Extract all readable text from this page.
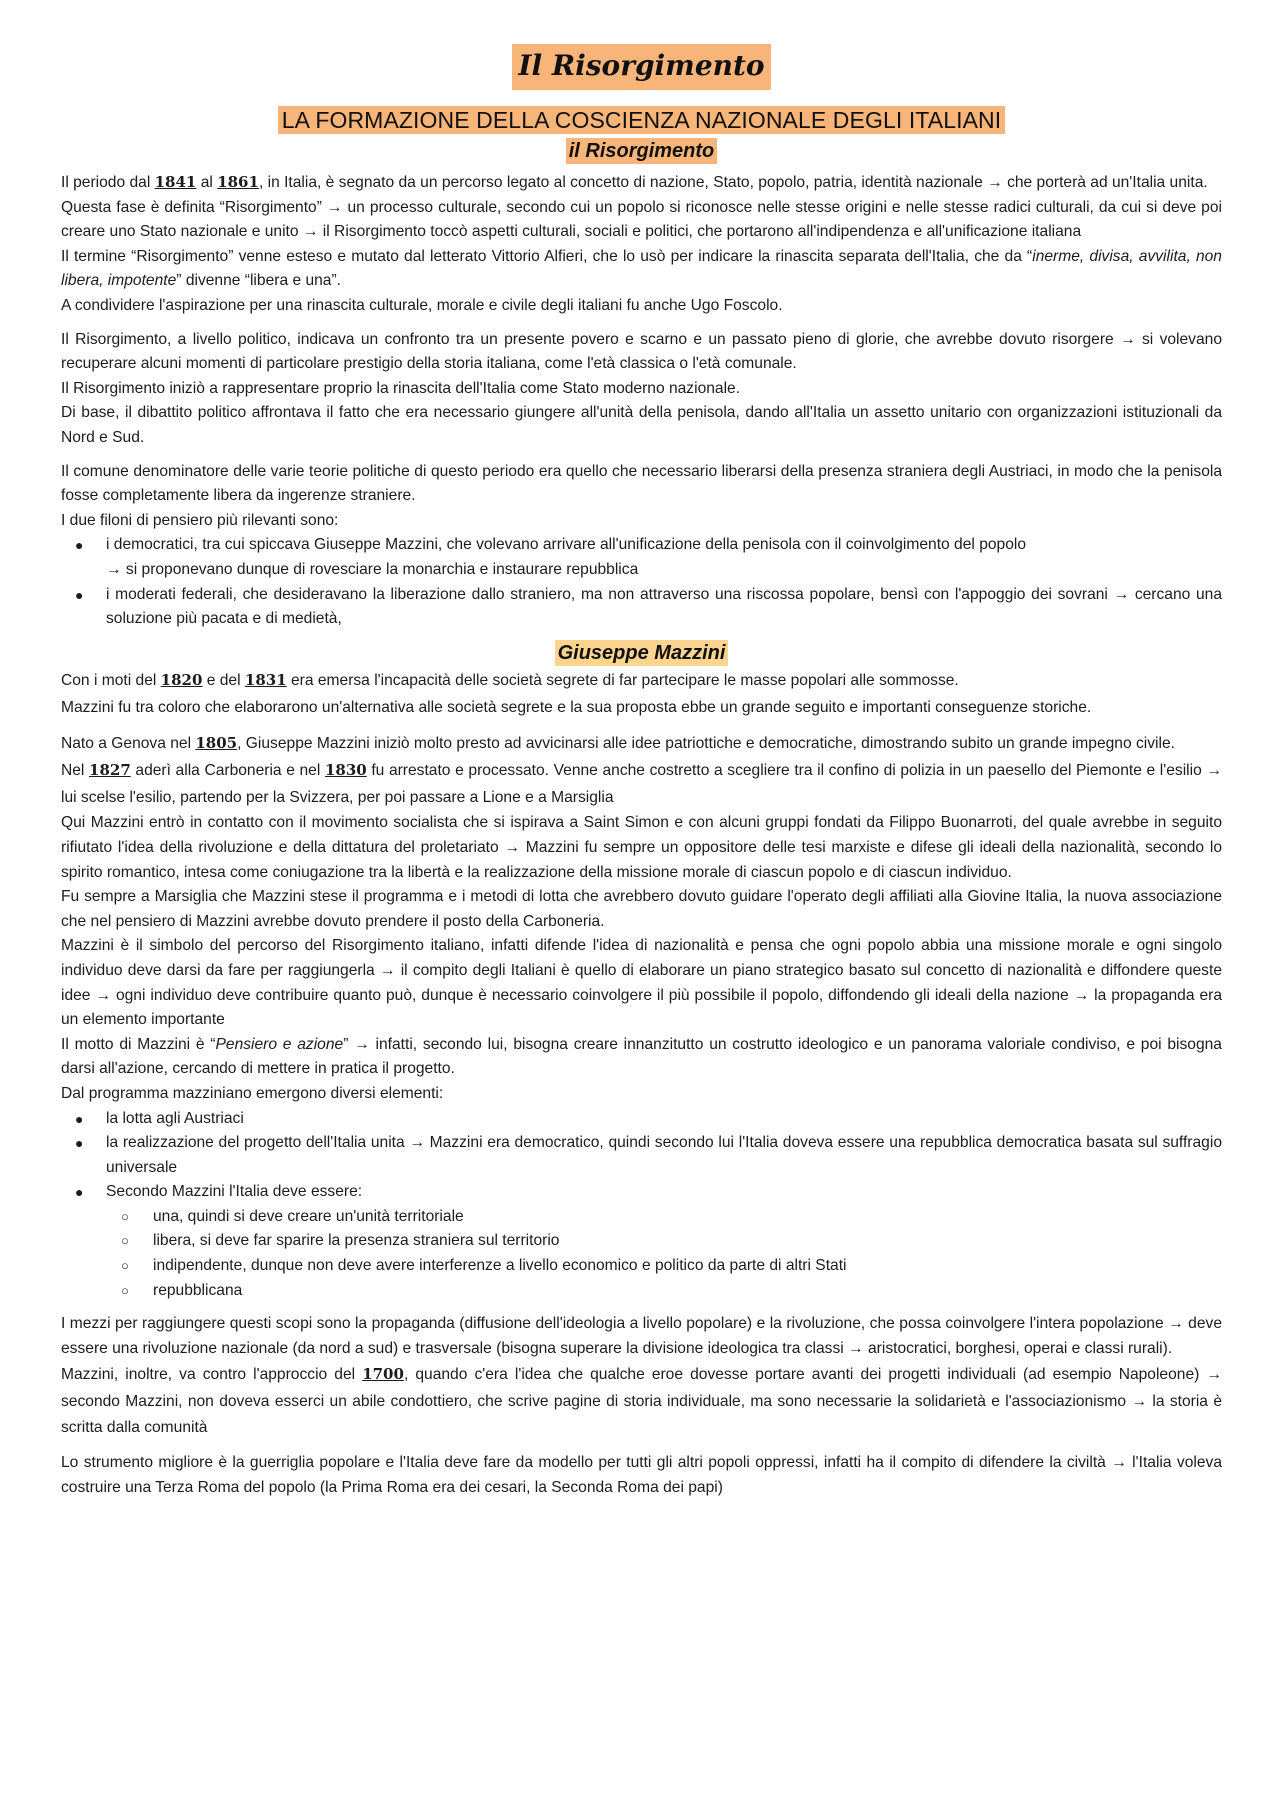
Il Risorgimento
LA FORMAZIONE DELLA COSCIENZA NAZIONALE DEGLI ITALIANI
il Risorgimento

Il periodo dal 1841 al 1861, in Italia, è segnato da un percorso legato al concetto di nazione, Stato, popolo, patria, identità nazionale → che porterà ad un'Italia unita.

Questa fase è definita “Risorgimento” → un processo culturale, secondo cui un popolo si riconosce nelle stesse origini e nelle stesse radici culturali, da cui si deve poi creare uno Stato nazionale e unito → il Risorgimento toccò aspetti culturali, sociali e politici, che portarono all'indipendenza e all'unificazione italiana

Il termine “Risorgimento” venne esteso e mutato dal letterato Vittorio Alfieri, che lo usò per indicare la rinascita separata dell'Italia, che da “inerme, divisa, avvilita, non libera, impotente” divenne “libera e una”.

A condividere l'aspirazione per una rinascita culturale, morale e civile degli italiani fu anche Ugo Foscolo.

Il Risorgimento, a livello politico, indicava un confronto tra un presente povero e scarno e un passato pieno di glorie, che avrebbe dovuto risorgere → si volevano recuperare alcuni momenti di particolare prestigio della storia italiana, come l'età classica o l'età comunale.

Il Risorgimento iniziò a rappresentare proprio la rinascita dell'Italia come Stato moderno nazionale.

Di base, il dibattito politico affrontava il fatto che era necessario giungere all'unità della penisola, dando all'Italia un assetto unitario con organizzazioni istituzionali da Nord e Sud.

Il comune denominatore delle varie teorie politiche di questo periodo era quello che necessario liberarsi della presenza straniera degli Austriaci, in modo che la penisola fosse completamente libera da ingerenze straniere.

I due filoni di pensiero più rilevanti sono:

● i democratici, tra cui spiccava Giuseppe Mazzini, che volevano arrivare all'unificazione della penisola con il coinvolgimento del popolo
→ si proponevano dunque di rovesciare la monarchia e instaurare repubblica
● i moderati federali, che desideravano la liberazione dallo straniero, ma non attraverso una riscossa popolare, bensì con l'appoggio dei sovrani → cercano una soluzione più pacata e di medietà,
Giuseppe Mazzini

Con i moti del 1820 e del 1831 era emersa l'incapacità delle società segrete di far partecipare le masse popolari alle sommosse.

Mazzini fu tra coloro che elaborarono un'alternativa alle società segrete e la sua proposta ebbe un grande seguito e importanti conseguenze storiche.

Nato a Genova nel 1805, Giuseppe Mazzini iniziò molto presto ad avvicinarsi alle idee patriottiche e democratiche, dimostrando subito un grande impegno civile.

Nel 1827 aderì alla Carboneria e nel 1830 fu arrestato e processato. Venne anche costretto a scegliere tra il confino di polizia in un paesello del Piemonte e l'esilio → lui scelse l'esilio, partendo per la Svizzera, per poi passare a Lione e a Marsiglia

Qui Mazzini entrò in contatto con il movimento socialista che si ispirava a Saint Simon e con alcuni gruppi fondati da Filippo Buonarroti, del quale avrebbe in seguito rifiutato l'idea della rivoluzione e della dittatura del proletariato → Mazzini fu sempre un oppositore delle tesi marxiste e difese gli ideali della nazionalità, secondo lo spirito romantico, intesa come coniugazione tra la libertà e la realizzazione della missione morale di ciascun popolo e di ciascun individuo.

Fu sempre a Marsiglia che Mazzini stese il programma e i metodi di lotta che avrebbero dovuto guidare l'operato degli affiliati alla Giovine Italia, la nuova associazione che nel pensiero di Mazzini avrebbe dovuto prendere il posto della Carboneria.

Mazzini è il simbolo del percorso del Risorgimento italiano, infatti difende l'idea di nazionalità e pensa che ogni popolo abbia una missione morale e ogni singolo individuo deve darsi da fare per raggiungerla → il compito degli Italiani è quello di elaborare un piano strategico basato sul concetto di nazionalità e diffondere queste idee → ogni individuo deve contribuire quanto può, dunque è necessario coinvolgere il più possibile il popolo, diffondendo gli ideali della nazione → la propaganda era un elemento importante

Il motto di Mazzini è “Pensiero e azione” → infatti, secondo lui, bisogna creare innanzitutto un costrutto ideologico e un panorama valoriale condiviso, e poi bisogna darsi all'azione, cercando di mettere in pratica il progetto.

Dal programma mazziniano emergono diversi elementi:

● la lotta agli Austriaci
● la realizzazione del progetto dell'Italia unita → Mazzini era democratico, quindi secondo lui l'Italia doveva essere una repubblica democratica basata sul suffragio universale
● Secondo Mazzini l'Italia deve essere:
○ una, quindi si deve creare un'unità territoriale
○ libera, si deve far sparire la presenza straniera sul territorio
○ indipendente, dunque non deve avere interferenze a livello economico e politico da parte di altri Stati
○ repubblicana

I mezzi per raggiungere questi scopi sono la propaganda (diffusione dell'ideologia a livello popolare) e la rivoluzione, che possa coinvolgere l'intera popolazione → deve essere una rivoluzione nazionale (da nord a sud) e trasversale (bisogna superare la divisione ideologica tra classi → aristocratici, borghesi, operai e classi rurali).

Mazzini, inoltre, va contro l'approccio del 1700, quando c'era l'idea che qualche eroe dovesse portare avanti dei progetti individuali (ad esempio Napoleone) → secondo Mazzini, non doveva esserci un abile condottiero, che scrive pagine di storia individuale, ma sono necessarie la solidarietà e l'associazionismo → la storia è scritta dalla comunità

Lo strumento migliore è la guerriglia popolare e l'Italia deve fare da modello per tutti gli altri popoli oppressi, infatti ha il compito di difendere la civiltà → l'Italia voleva costruire una Terza Roma del popolo (la Prima Roma era dei cesari, la Seconda Roma dei papi)
